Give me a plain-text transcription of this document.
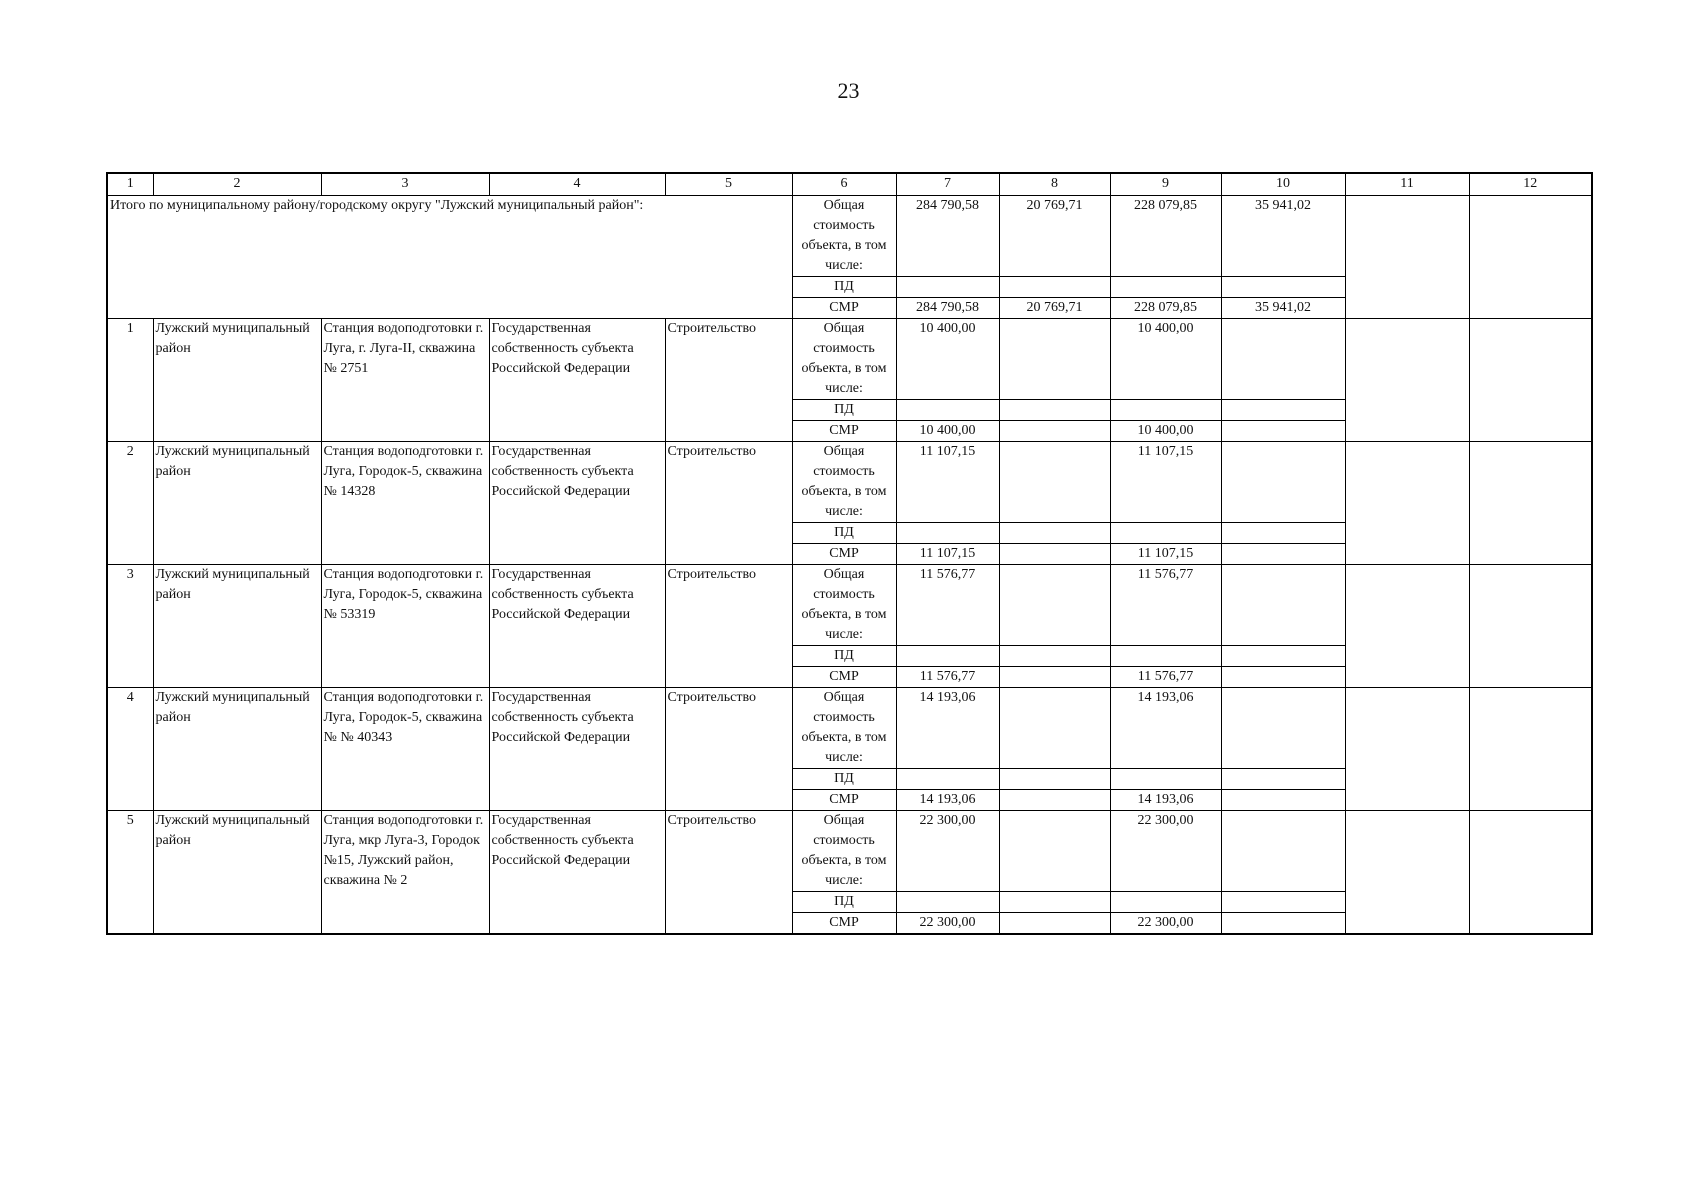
23
1	2	3	4	5	6	7	8	9	10	11	12
Итого по муниципальному району/городскому округу "Лужский муниципальный район":					Общая стоимость объекта, в том числе:	284 790,58	20 769,71	228 079,85	35 941,02		
					ПД						
					СМР	284 790,58	20 769,71	228 079,85	35 941,02		
1	Лужский муниципальный район	Станция водоподготовки г. Луга, г. Луга-II, скважина № 2751	Государственная собственность субъекта Российской Федерации	Строительство	Общая стоимость объекта, в том числе:	10 400,00		10 400,00			
					ПД						
					СМР	10 400,00		10 400,00			
2	Лужский муниципальный район	Станция водоподготовки г. Луга, Городок-5, скважина № 14328	Государственная собственность субъекта Российской Федерации	Строительство	Общая стоимость объекта, в том числе:	11 107,15		11 107,15			
					ПД						
					СМР	11 107,15		11 107,15			
3	Лужский муниципальный район	Станция водоподготовки г. Луга, Городок-5, скважина № 53319	Государственная собственность субъекта Российской Федерации	Строительство	Общая стоимость объекта, в том числе:	11 576,77		11 576,77			
					ПД						
					СМР	11 576,77		11 576,77			
4	Лужский муниципальный район	Станция водоподготовки г. Луга, Городок-5, скважина № № 40343	Государственная собственность субъекта Российской Федерации	Строительство	Общая стоимость объекта, в том числе:	14 193,06		14 193,06			
					ПД						
					СМР	14 193,06		14 193,06			
5	Лужский муниципальный район	Станция водоподготовки г. Луга, мкр Луга-3, Городок №15, Лужский район, скважина № 2	Государственная собственность субъекта Российской Федерации	Строительство	Общая стоимость объекта, в том числе:	22 300,00		22 300,00			
					ПД						
					СМР	22 300,00		22 300,00			
